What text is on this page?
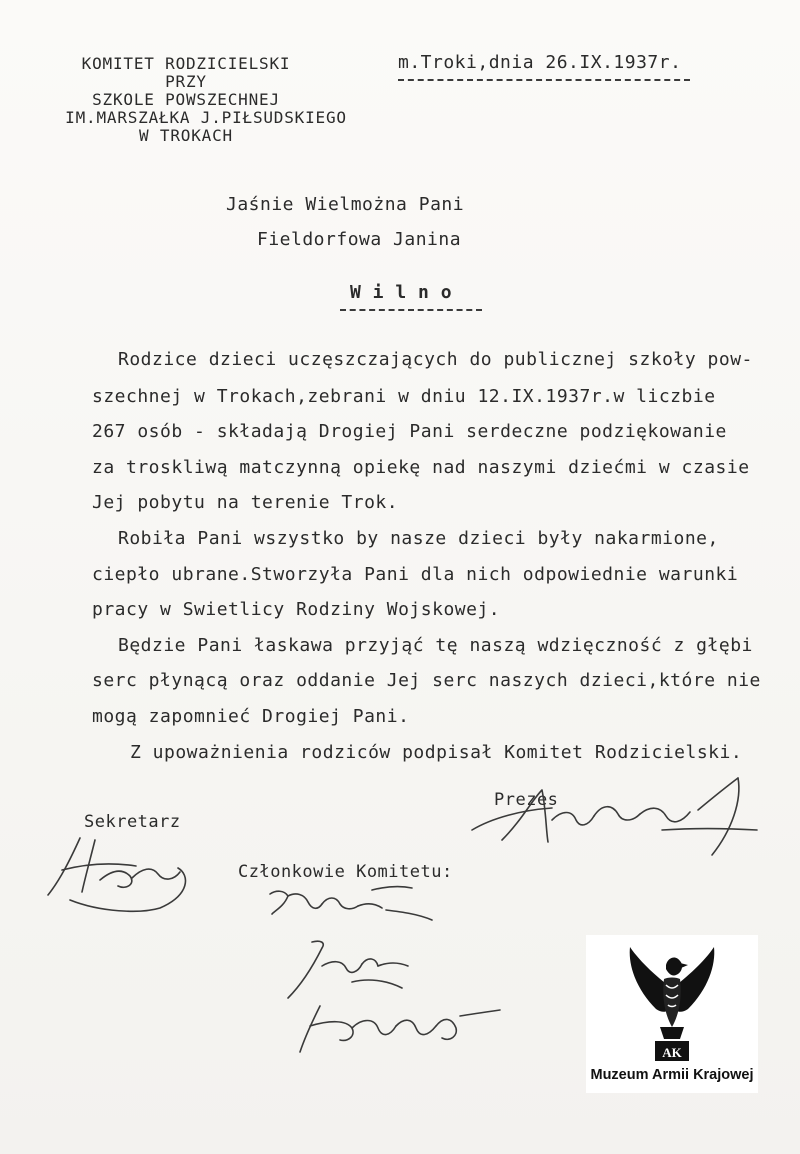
KOMITET RODZICIELSKI
PRZY
SZKOLE POWSZECHNEJ
IM.MARSZAŁKA J.PIŁSUDSKIEGO
W TROKACH
m.Troki,dnia 26.IX.1937r.
Jaśnie Wielmożna Pani
Fieldorfowa Janina
W i l n o
Rodzice dzieci uczęszczających do publicznej szkoły pow-
szechnej w Trokach,zebrani w dniu 12.IX.1937r.w liczbie
267 osób - składają Drogiej Pani serdeczne podziękowanie
za troskliwą matczynną opiekę nad naszymi dziećmi w czasie
Jej pobytu na terenie Trok.
Robiła Pani wszystko by nasze dzieci były nakarmione,
ciepło ubrane.Stworzyła Pani dla nich odpowiednie warunki
pracy w Swietlicy Rodziny Wojskowej.
Będzie Pani łaskawa przyjąć tę naszą wdzięczność z głębi
serc płynącą oraz oddanie Jej serc naszych dzieci,które nie
mogą zapomnieć Drogiej Pani.
Z upoważnienia rodziców podpisał Komitet Rodzicielski.
Sekretarz
Prezes
Członkowie Komitetu:
AK
Muzeum Armii Krajowej
